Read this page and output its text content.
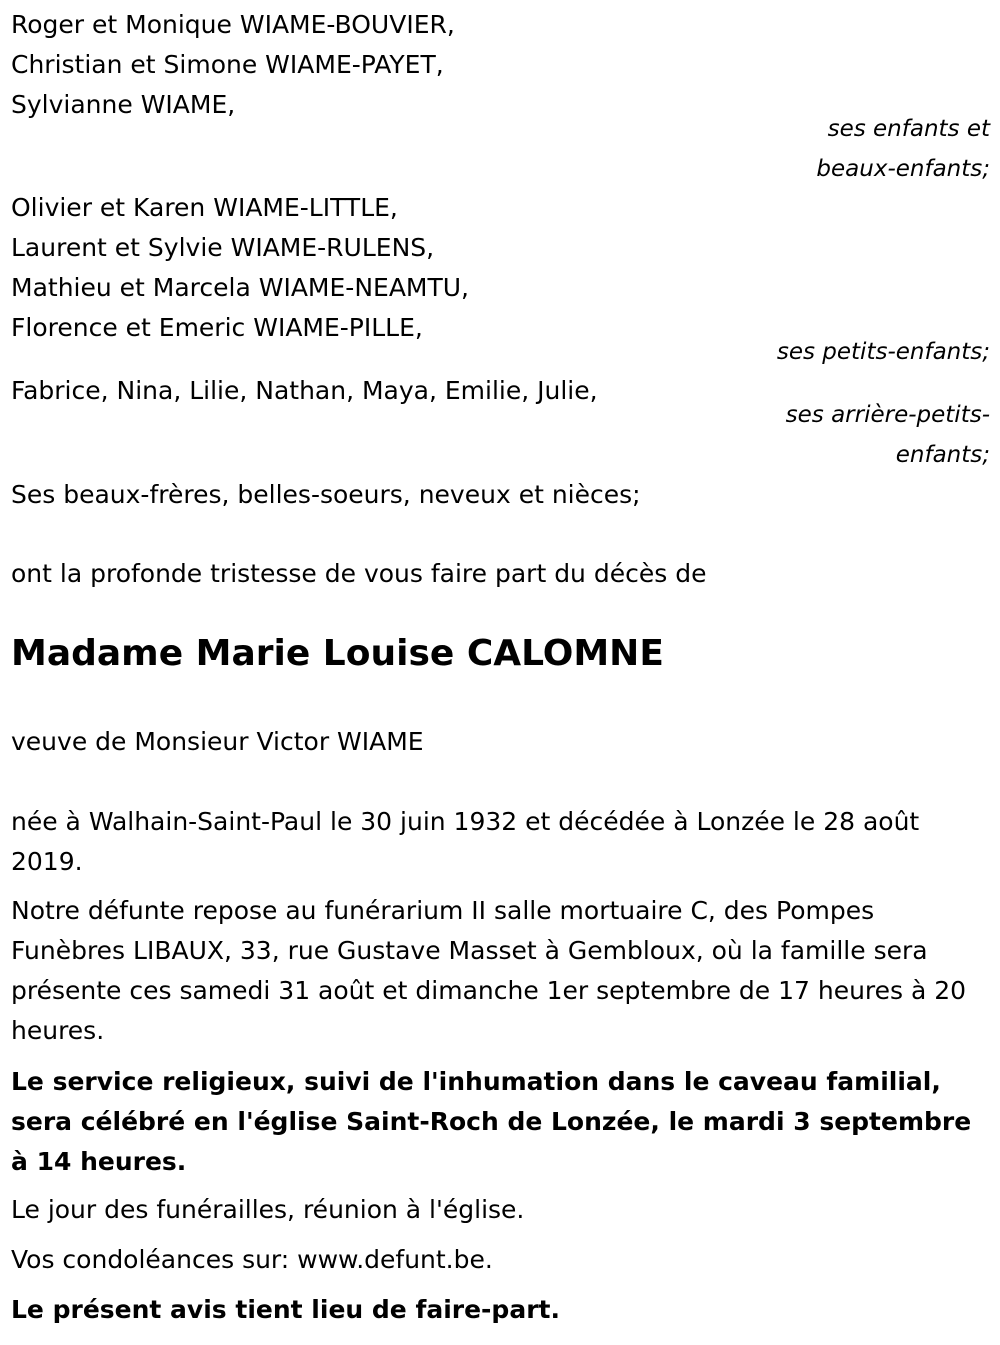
Roger et Monique WIAME-BOUVIER,
Christian et Simone WIAME-PAYET,
Sylvianne WIAME,
ses enfants et
beaux-enfants;
Olivier et Karen WIAME-LITTLE,
Laurent et Sylvie WIAME-RULENS,
Mathieu et Marcela WIAME-NEAMTU,
Florence et Emeric WIAME-PILLE,
ses petits-enfants;
Fabrice, Nina, Lilie, Nathan, Maya, Emilie, Julie,
ses arrière-petits-
enfants;
Ses beaux-frères, belles-soeurs, neveux et nièces;
ont la profonde tristesse de vous faire part du décès de
Madame Marie Louise CALOMNE
veuve de Monsieur Victor WIAME
née à Walhain-Saint-Paul le 30 juin 1932 et décédée à Lonzée le 28 août 2019.
Notre défunte repose au funérarium II salle mortuaire C, des Pompes Funèbres LIBAUX, 33, rue Gustave Masset à Gembloux, où la famille sera présente ces samedi 31 août et dimanche 1er septembre de 17 heures à 20 heures.
Le service religieux, suivi de l'inhumation dans le caveau familial, sera célébré en l'église Saint-Roch de Lonzée, le mardi 3 septembre à 14 heures.
Le jour des funérailles, réunion à l'église.
Vos condoléances sur: www.defunt.be.
Le présent avis tient lieu de faire-part.
